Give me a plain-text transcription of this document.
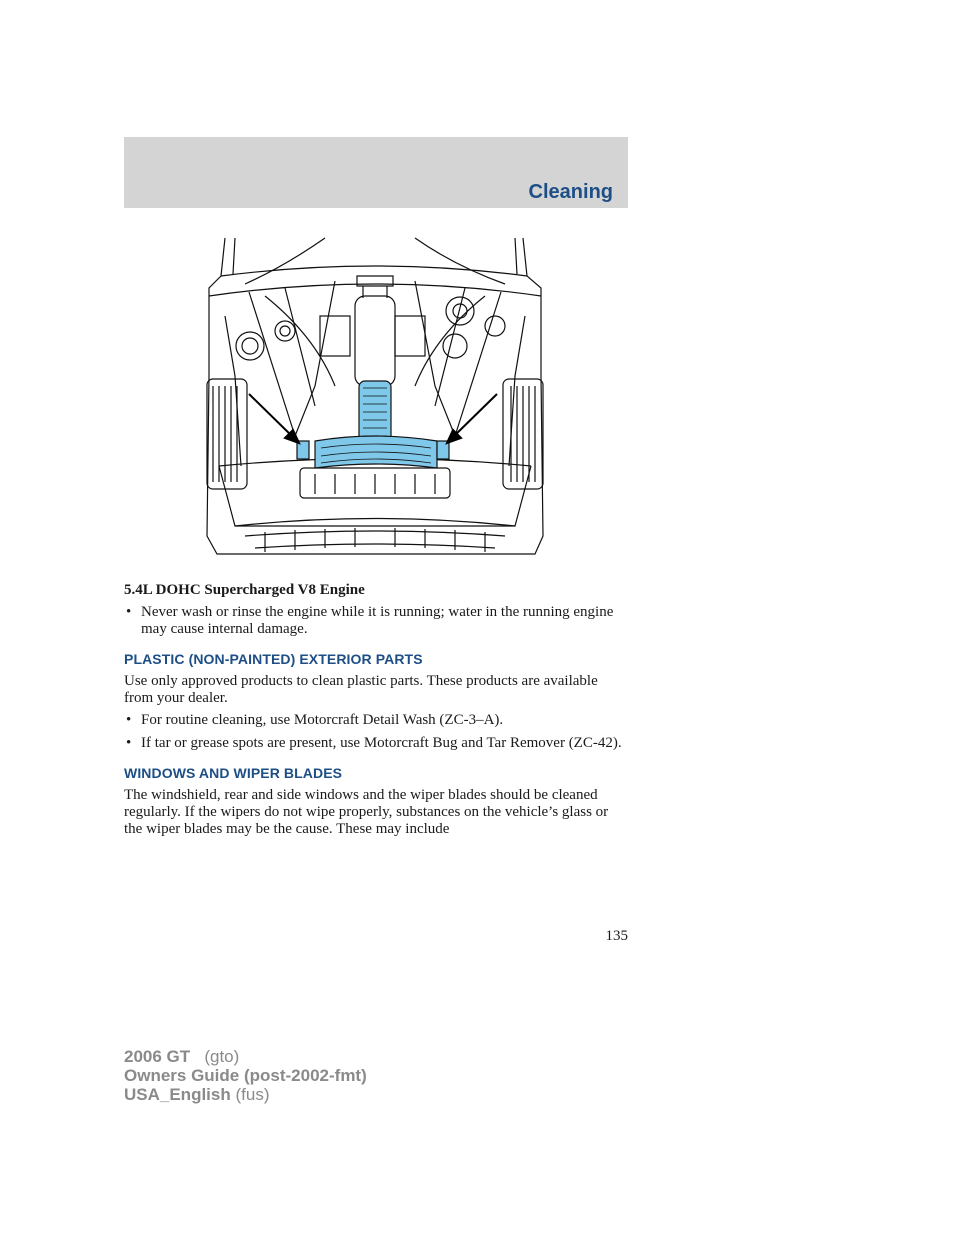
Cleaning

5.4L DOHC Supercharged V8 Engine

• Never wash or rinse the engine while it is running; water in the running engine may cause internal damage.
PLASTIC (NON-PAINTED) EXTERIOR PARTS

Use only approved products to clean plastic parts. These products are available from your dealer.

• For routine cleaning, use Motorcraft Detail Wash (ZC-3–A).
• If tar or grease spots are present, use Motorcraft Bug and Tar Remover (ZC-42).
WINDOWS AND WIPER BLADES

The windshield, rear and side windows and the wiper blades should be cleaned regularly. If the wipers do not wipe properly, substances on the vehicle’s glass or the wiper blades may be the cause. These may include

135
2006 GT (gto)
Owners Guide (post-2002-fmt)
USA_English (fus)
